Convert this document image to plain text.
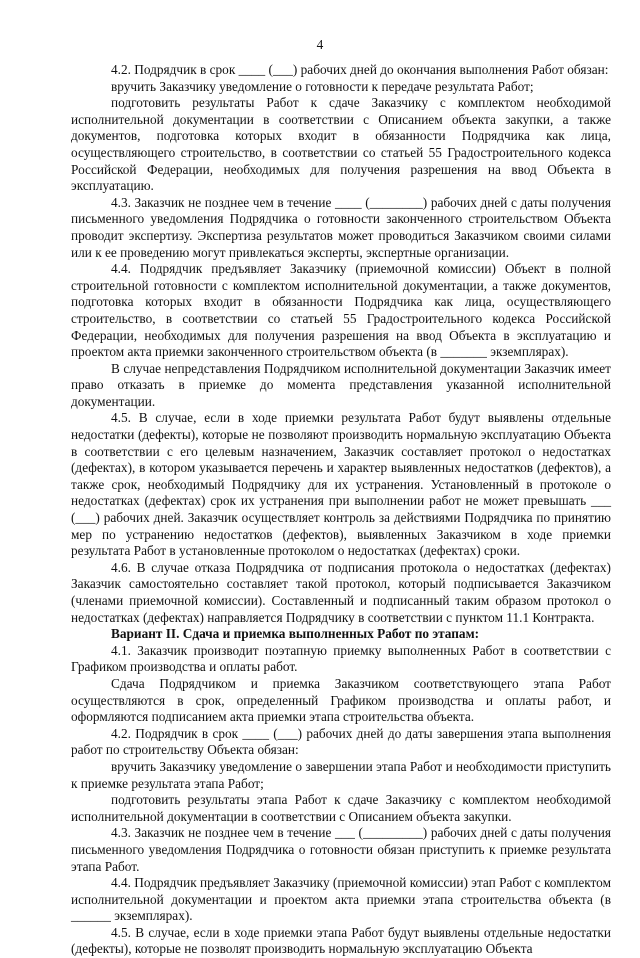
4

4.2. Подрядчик в срок ____ (___) рабочих дней до окончания выполнения Работ обязан:

вручить Заказчику уведомление о готовности к передаче результата Работ;

подготовить результаты Работ к сдаче Заказчику с комплектом необходимой исполнительной документации в соответствии с Описанием объекта закупки, а также документов, подготовка которых входит в обязанности Подрядчика как лица, осуществляющего строительство, в соответствии со статьей 55 Градостроительного кодекса Российской Федерации, необходимых для получения разрешения на ввод Объекта в эксплуатацию.

4.3. Заказчик не позднее чем в течение ____ (________) рабочих дней с даты получения письменного уведомления Подрядчика о готовности законченного строительством Объекта проводит экспертизу. Экспертиза результатов может проводиться Заказчиком своими силами или к ее проведению могут привлекаться эксперты, экспертные организации.

4.4. Подрядчик предъявляет Заказчику (приемочной комиссии) Объект в полной строительной готовности с комплектом исполнительной документации, а также документов, подготовка которых входит в обязанности Подрядчика как лица, осуществляющего строительство, в соответствии со статьей 55 Градостроительного кодекса Российской Федерации, необходимых для получения разрешения на ввод Объекта в эксплуатацию и проектом акта приемки законченного строительством объекта (в _______ экземплярах).

В случае непредставления Подрядчиком исполнительной документации Заказчик имеет право отказать в приемке до момента представления указанной исполнительной документации.

4.5. В случае, если в ходе приемки результата Работ будут выявлены отдельные недостатки (дефекты), которые не позволяют производить нормальную эксплуатацию Объекта в соответствии с его целевым назначением, Заказчик составляет протокол о недостатках (дефектах), в котором указывается перечень и характер выявленных недостатков (дефектов), а также срок, необходимый Подрядчику для их устранения. Установленный в протоколе о недостатках (дефектах) срок их устранения при выполнении работ не может превышать ___ (___) рабочих дней. Заказчик осуществляет контроль за действиями Подрядчика по принятию мер по устранению недостатков (дефектов), выявленных Заказчиком в ходе приемки результата Работ в установленные протоколом о недостатках (дефектах) сроки.

4.6. В случае отказа Подрядчика от подписания протокола о недостатках (дефектах) Заказчик самостоятельно составляет такой протокол, который подписывается Заказчиком (членами приемочной комиссии). Составленный и подписанный таким образом протокол о недостатках (дефектах) направляется Подрядчику в соответствии с пунктом 11.1 Контракта.

Вариант II. Сдача и приемка выполненных Работ по этапам:

4.1. Заказчик производит поэтапную приемку выполненных Работ в соответствии с Графиком производства и оплаты работ.

Сдача Подрядчиком и приемка Заказчиком соответствующего этапа Работ осуществляются в срок, определенный Графиком производства и оплаты работ, и оформляются подписанием акта приемки этапа строительства объекта.

4.2. Подрядчик в срок ____ (___) рабочих дней до даты завершения этапа выполнения работ по строительству Объекта обязан:

вручить Заказчику уведомление о завершении этапа Работ и необходимости приступить к приемке результата этапа Работ;

подготовить результаты этапа Работ к сдаче Заказчику с комплектом необходимой исполнительной документации в соответствии с Описанием объекта закупки.

4.3. Заказчик не позднее чем в течение ___ (_________) рабочих дней с даты получения письменного уведомления Подрядчика о готовности обязан приступить к приемке результата этапа Работ.

4.4. Подрядчик предъявляет Заказчику (приемочной комиссии) этап Работ с комплектом исполнительной документации и проектом акта приемки этапа строительства объекта (в ______ экземплярах).

4.5. В случае, если в ходе приемки этапа Работ будут выявлены отдельные недостатки (дефекты), которые не позволят производить нормальную эксплуатацию Объекта
